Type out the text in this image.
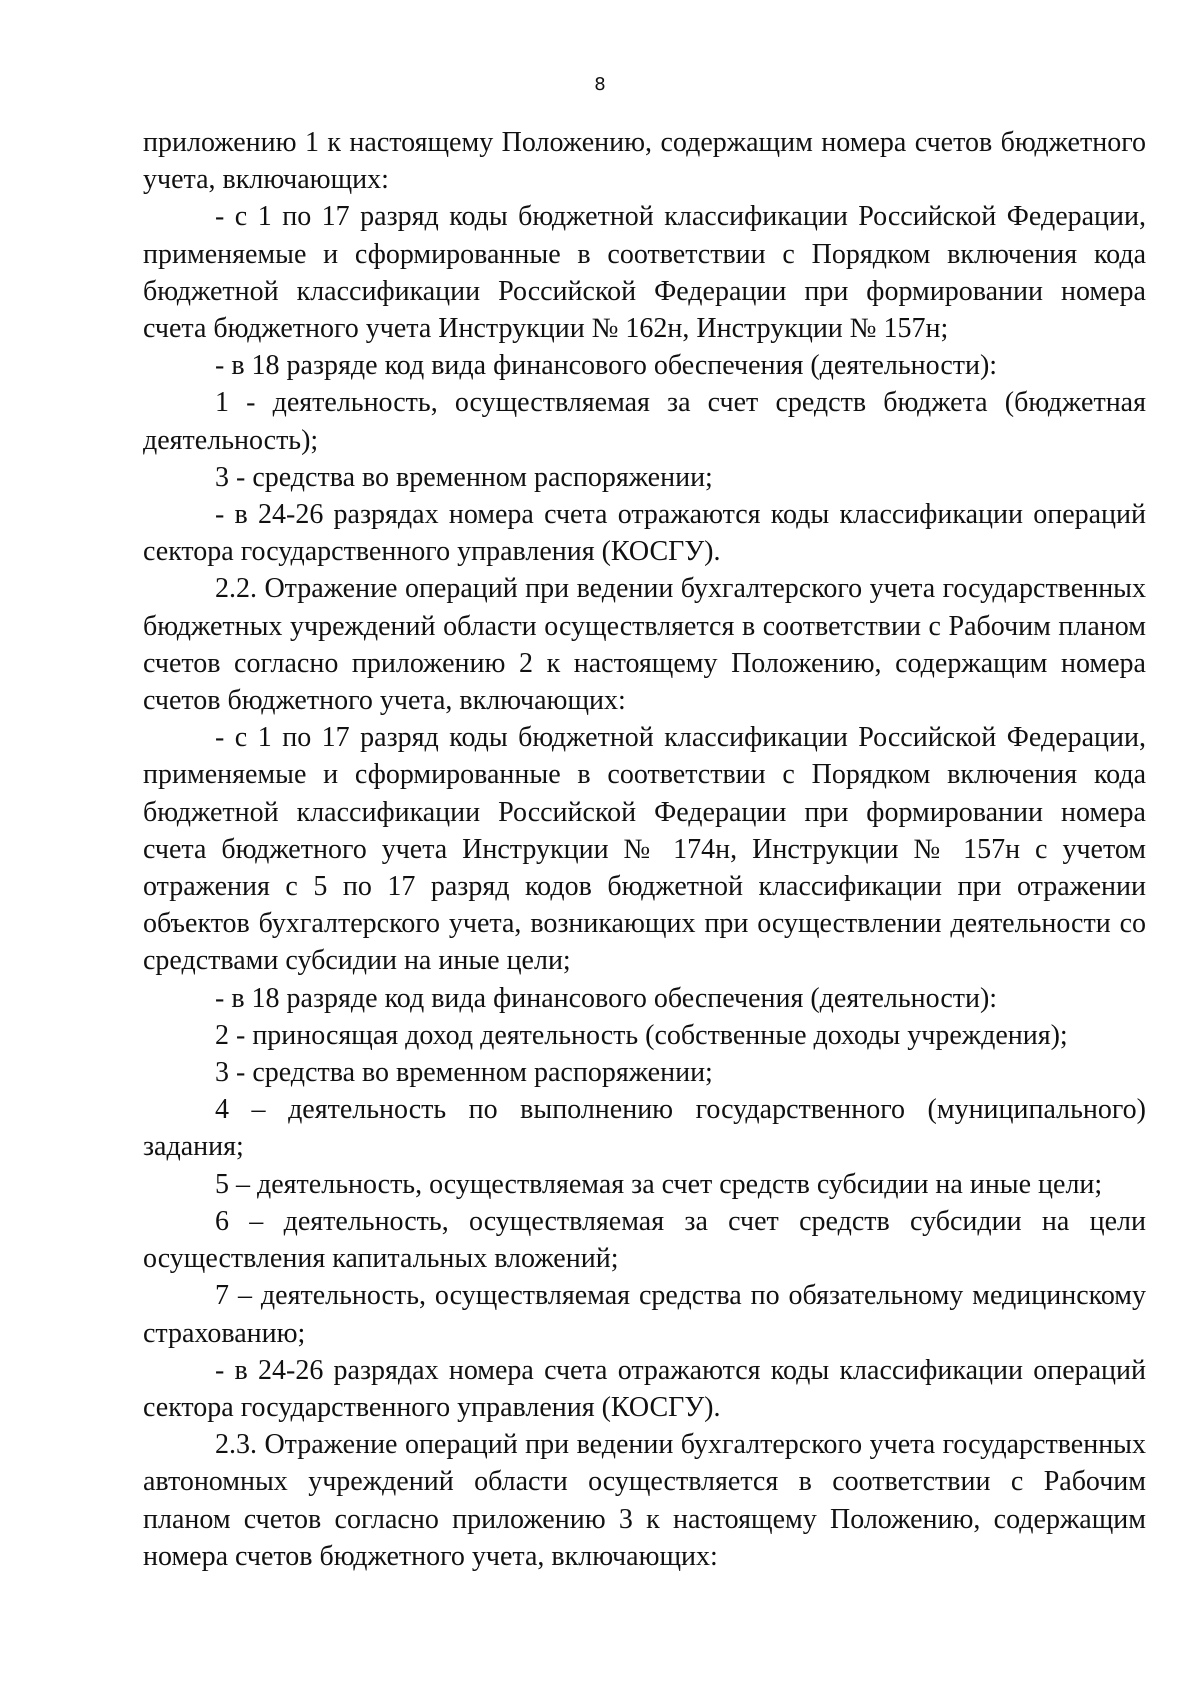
8

приложению 1 к настоящему Положению, содержащим номера счетов бюджетного учета, включающих:

- с 1 по 17 разряд коды бюджетной классификации Российской Федерации, применяемые и сформированные в соответствии с Порядком включения кода бюджетной классификации Российской Федерации при формировании номера счета бюджетного учета Инструкции № 162н, Инструкции № 157н;

- в 18 разряде код вида финансового обеспечения (деятельности):

1 - деятельность, осуществляемая за счет средств бюджета (бюджетная деятельность);

3 - средства во временном распоряжении;

- в 24-26 разрядах номера счета отражаются коды классификации операций сектора государственного управления (КОСГУ).

2.2. Отражение операций при ведении бухгалтерского учета государственных бюджетных учреждений области осуществляется в соответствии с Рабочим планом счетов согласно приложению 2 к настоящему Положению, содержащим номера счетов бюджетного учета, включающих:

- с 1 по 17 разряд коды бюджетной классификации Российской Федерации, применяемые и сформированные в соответствии с Порядком включения кода бюджетной классификации Российской Федерации при формировании номера счета бюджетного учета Инструкции № 174н, Инструкции № 157н с учетом отражения с 5 по 17 разряд кодов бюджетной классификации при отражении объектов бухгалтерского учета, возникающих при осуществлении деятельности со средствами субсидии на иные цели;

- в 18 разряде код вида финансового обеспечения (деятельности):

2 - приносящая доход деятельность (собственные доходы учреждения);

3 - средства во временном распоряжении;

4 – деятельность по выполнению государственного (муниципального) задания;

5 – деятельность, осуществляемая за счет средств субсидии на иные цели;

6 – деятельность, осуществляемая за счет средств субсидии на цели осуществления капитальных вложений;

7 – деятельность, осуществляемая средства по обязательному медицинскому страхованию;

- в 24-26 разрядах номера счета отражаются коды классификации операций сектора государственного управления (КОСГУ).

2.3. Отражение операций при ведении бухгалтерского учета государственных автономных учреждений области осуществляется в соответствии с Рабочим планом счетов согласно приложению 3 к настоящему Положению, содержащим номера счетов бюджетного учета, включающих:
